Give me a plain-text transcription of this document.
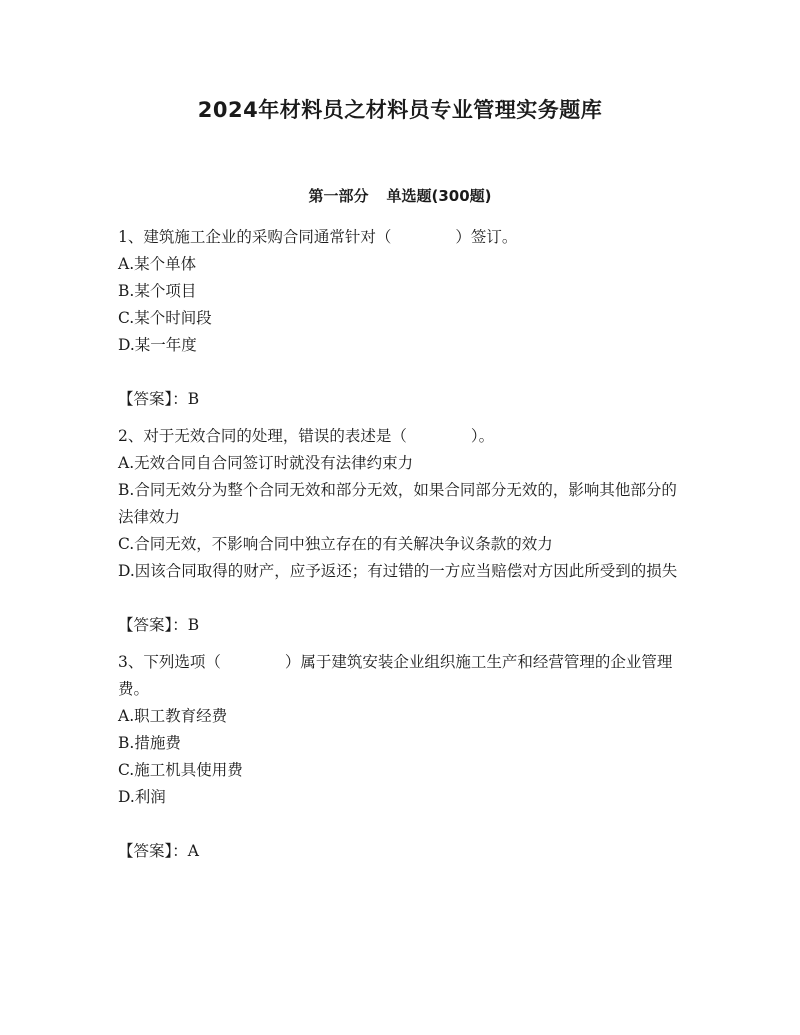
2024年材料员之材料员专业管理实务题库
第一部分 单选题(300题)

1、建筑施工企业的采购合同通常针对（	）签订。

A.某个单体

B.某个项目

C.某个时间段

D.某一年度

【答案】：B

2、对于无效合同的处理，错误的表述是（	）。

A.无效合同自合同签订时就没有法律约束力

B.合同无效分为整个合同无效和部分无效，如果合同部分无效的，影响其他部分的法律效力

C.合同无效，不影响合同中独立存在的有关解决争议条款的效力

D.因该合同取得的财产，应予返还；有过错的一方应当赔偿对方因此所受到的损失

【答案】：B

3、下列选项（	）属于建筑安装企业组织施工生产和经营管理的企业管理费。

A.职工教育经费

B.措施费

C.施工机具使用费

D.利润

【答案】：A
